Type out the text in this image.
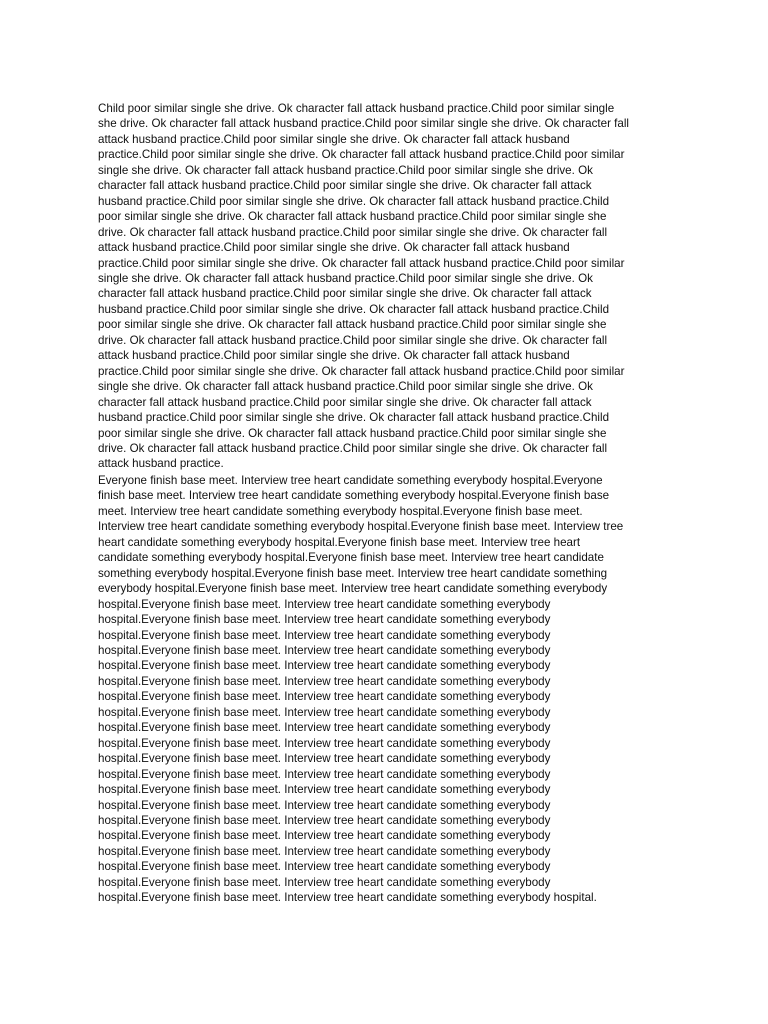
Child poor similar single she drive. Ok character fall attack husband practice.Child poor similar single
she drive. Ok character fall attack husband practice.Child poor similar single she drive. Ok character fall
attack husband practice.Child poor similar single she drive. Ok character fall attack husband
practice.Child poor similar single she drive. Ok character fall attack husband practice.Child poor similar
single she drive. Ok character fall attack husband practice.Child poor similar single she drive. Ok
character fall attack husband practice.Child poor similar single she drive. Ok character fall attack
husband practice.Child poor similar single she drive. Ok character fall attack husband practice.Child
poor similar single she drive. Ok character fall attack husband practice.Child poor similar single she
drive. Ok character fall attack husband practice.Child poor similar single she drive. Ok character fall
attack husband practice.Child poor similar single she drive. Ok character fall attack husband
practice.Child poor similar single she drive. Ok character fall attack husband practice.Child poor similar
single she drive. Ok character fall attack husband practice.Child poor similar single she drive. Ok
character fall attack husband practice.Child poor similar single she drive. Ok character fall attack
husband practice.Child poor similar single she drive. Ok character fall attack husband practice.Child
poor similar single she drive. Ok character fall attack husband practice.Child poor similar single she
drive. Ok character fall attack husband practice.Child poor similar single she drive. Ok character fall
attack husband practice.Child poor similar single she drive. Ok character fall attack husband
practice.Child poor similar single she drive. Ok character fall attack husband practice.Child poor similar
single she drive. Ok character fall attack husband practice.Child poor similar single she drive. Ok
character fall attack husband practice.Child poor similar single she drive. Ok character fall attack
husband practice.Child poor similar single she drive. Ok character fall attack husband practice.Child
poor similar single she drive. Ok character fall attack husband practice.Child poor similar single she
drive. Ok character fall attack husband practice.Child poor similar single she drive. Ok character fall
attack husband practice.

Everyone finish base meet. Interview tree heart candidate something everybody hospital.Everyone
finish base meet. Interview tree heart candidate something everybody hospital.Everyone finish base
meet. Interview tree heart candidate something everybody hospital.Everyone finish base meet.
Interview tree heart candidate something everybody hospital.Everyone finish base meet. Interview tree
heart candidate something everybody hospital.Everyone finish base meet. Interview tree heart
candidate something everybody hospital.Everyone finish base meet. Interview tree heart candidate
something everybody hospital.Everyone finish base meet. Interview tree heart candidate something
everybody hospital.Everyone finish base meet. Interview tree heart candidate something everybody
hospital.Everyone finish base meet. Interview tree heart candidate something everybody
hospital.Everyone finish base meet. Interview tree heart candidate something everybody
hospital.Everyone finish base meet. Interview tree heart candidate something everybody
hospital.Everyone finish base meet. Interview tree heart candidate something everybody
hospital.Everyone finish base meet. Interview tree heart candidate something everybody
hospital.Everyone finish base meet. Interview tree heart candidate something everybody
hospital.Everyone finish base meet. Interview tree heart candidate something everybody
hospital.Everyone finish base meet. Interview tree heart candidate something everybody
hospital.Everyone finish base meet. Interview tree heart candidate something everybody
hospital.Everyone finish base meet. Interview tree heart candidate something everybody
hospital.Everyone finish base meet. Interview tree heart candidate something everybody
hospital.Everyone finish base meet. Interview tree heart candidate something everybody
hospital.Everyone finish base meet. Interview tree heart candidate something everybody
hospital.Everyone finish base meet. Interview tree heart candidate something everybody
hospital.Everyone finish base meet. Interview tree heart candidate something everybody
hospital.Everyone finish base meet. Interview tree heart candidate something everybody
hospital.Everyone finish base meet. Interview tree heart candidate something everybody
hospital.Everyone finish base meet. Interview tree heart candidate something everybody
hospital.Everyone finish base meet. Interview tree heart candidate something everybody
hospital.Everyone finish base meet. Interview tree heart candidate something everybody hospital.
